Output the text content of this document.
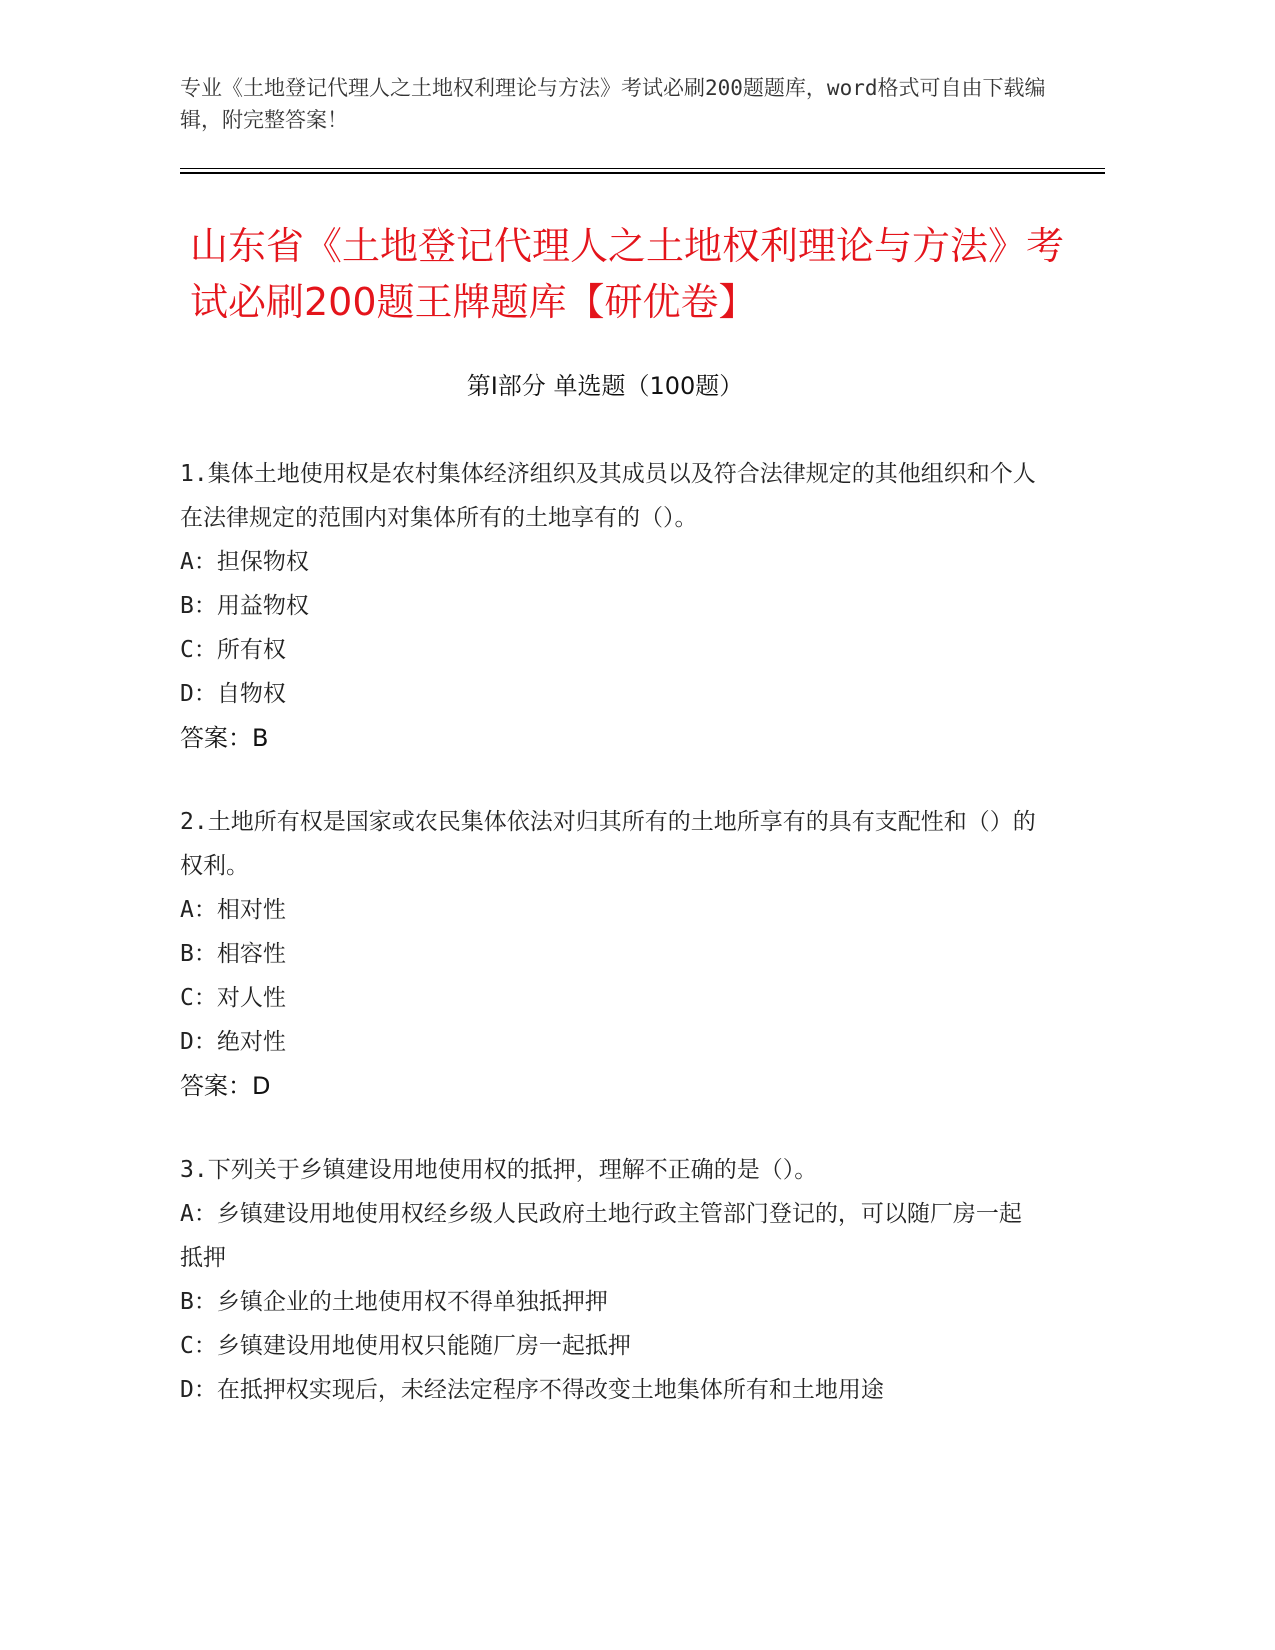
专业《土地登记代理人之土地权利理论与方法》考试必刷200题题库，word格式可自由下载编辑，附完整答案！
山东省《土地登记代理人之土地权利理论与方法》考试必刷200题王牌题库【研优卷】
第Ⅰ部分 单选题（100题）
1.集体土地使用权是农村集体经济组织及其成员以及符合法律规定的其他组织和个人在法律规定的范围内对集体所有的土地享有的（）。
A：担保物权
B：用益物权
C：所有权
D：自物权
答案：B
2.土地所有权是国家或农民集体依法对归其所有的土地所享有的具有支配性和（）的权利。
A：相对性
B：相容性
C：对人性
D：绝对性
答案：D
3.下列关于乡镇建设用地使用权的抵押，理解不正确的是（）。
A：乡镇建设用地使用权经乡级人民政府土地行政主管部门登记的，可以随厂房一起抵押
B：乡镇企业的土地使用权不得单独抵押押
C：乡镇建设用地使用权只能随厂房一起抵押
D：在抵押权实现后，未经法定程序不得改变土地集体所有和土地用途
